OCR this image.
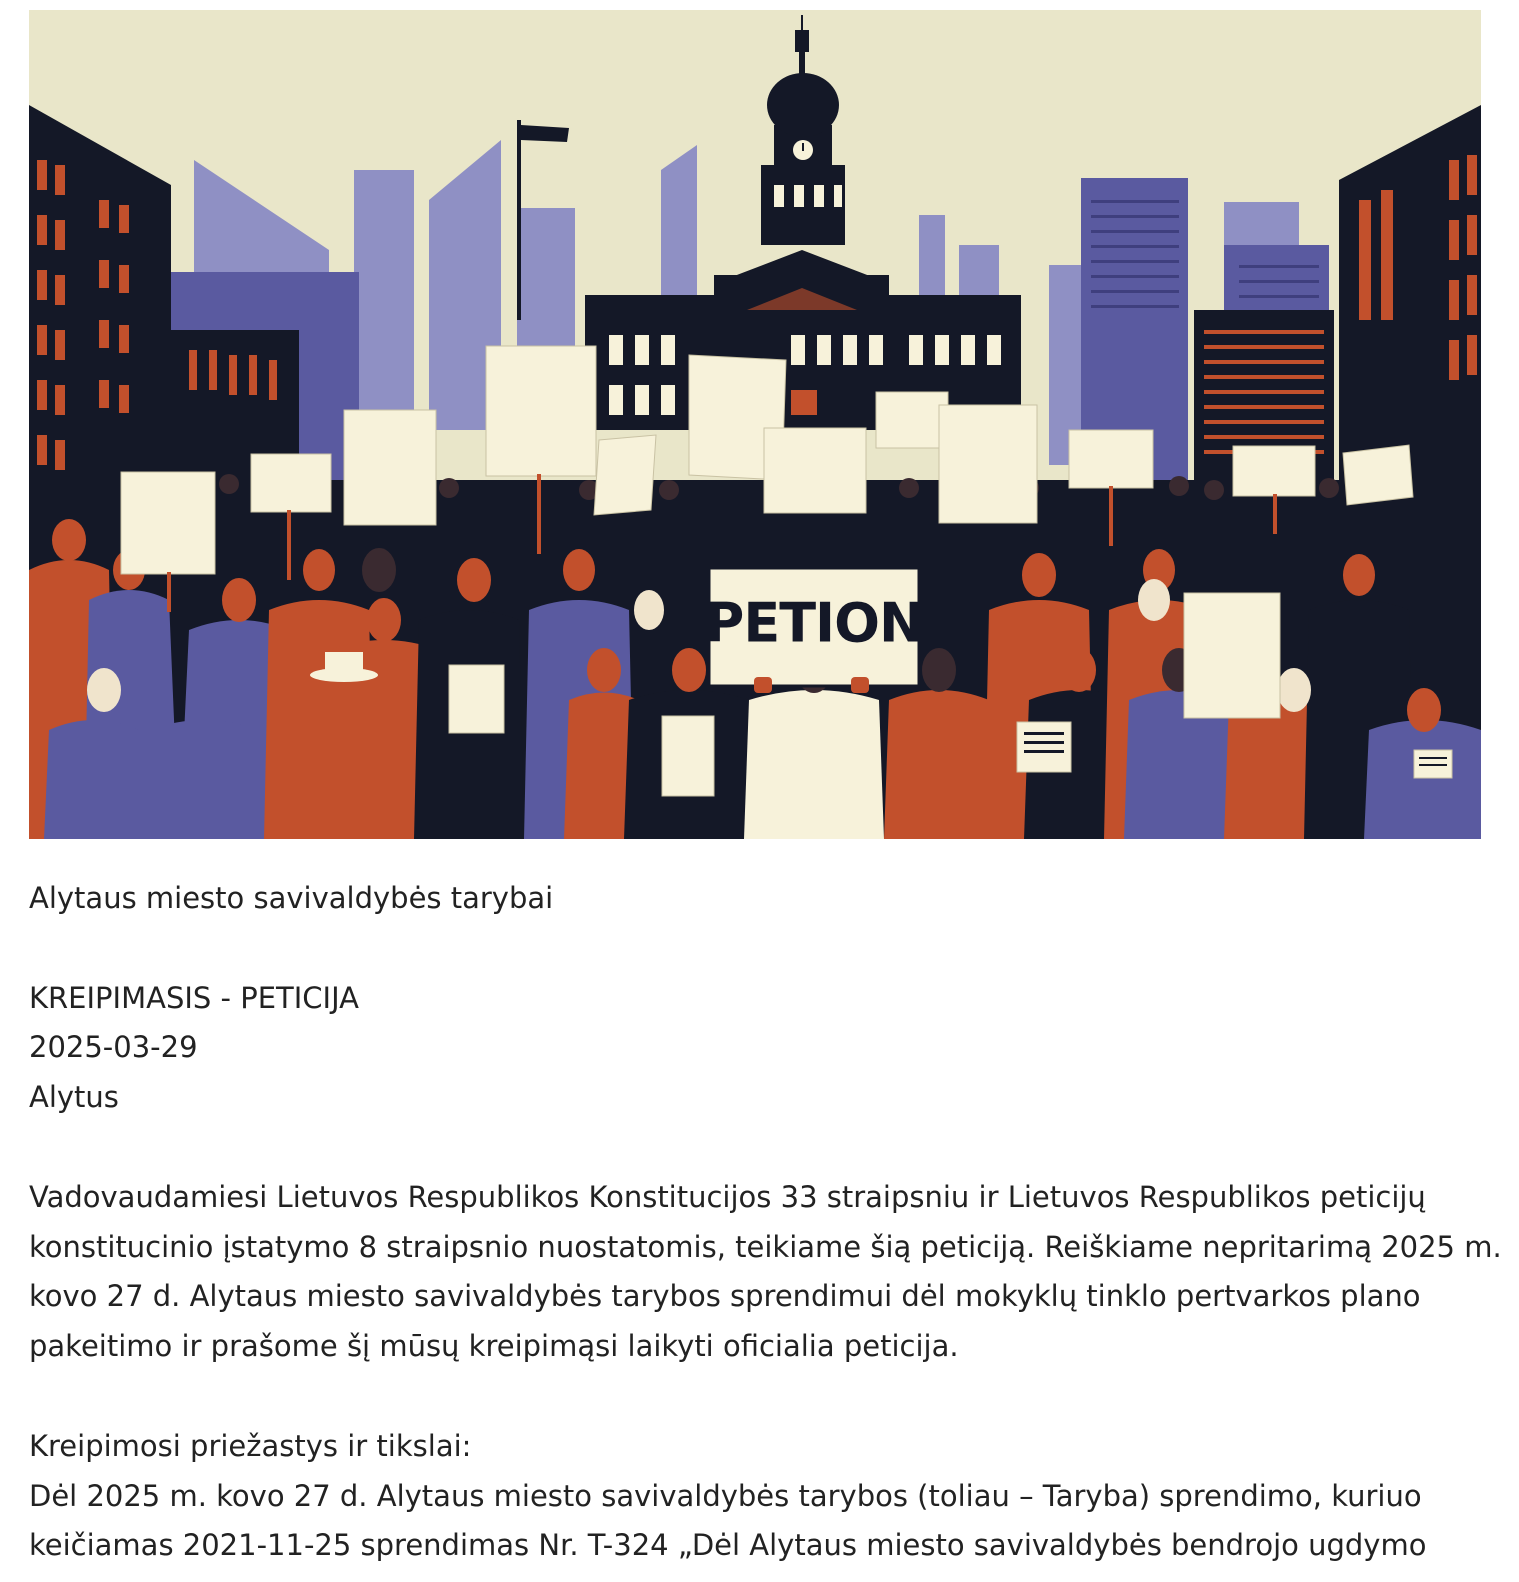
PETION

Alytaus miesto savivaldybės tarybai

KREIPIMASIS - PETICIJA

2025-03-29

Alytus

Vadovaudamiesi Lietuvos Respublikos Konstitucijos 33 straipsniu ir Lietuvos Respublikos peticijų

konstitucinio įstatymo 8 straipsnio nuostatomis, teikiame šią peticiją. Reiškiame nepritarimą 2025 m.

kovo 27 d. Alytaus miesto savivaldybės tarybos sprendimui dėl mokyklų tinklo pertvarkos plano

pakeitimo ir prašome šį mūsų kreipimąsi laikyti oficialia peticija.

Kreipimosi priežastys ir tikslai:

Dėl 2025 m. kovo 27 d. Alytaus miesto savivaldybės tarybos (toliau – Taryba) sprendimo, kuriuo

keičiamas 2021-11-25 sprendimas Nr. T-324 „Dėl Alytaus miesto savivaldybės bendrojo ugdymo
